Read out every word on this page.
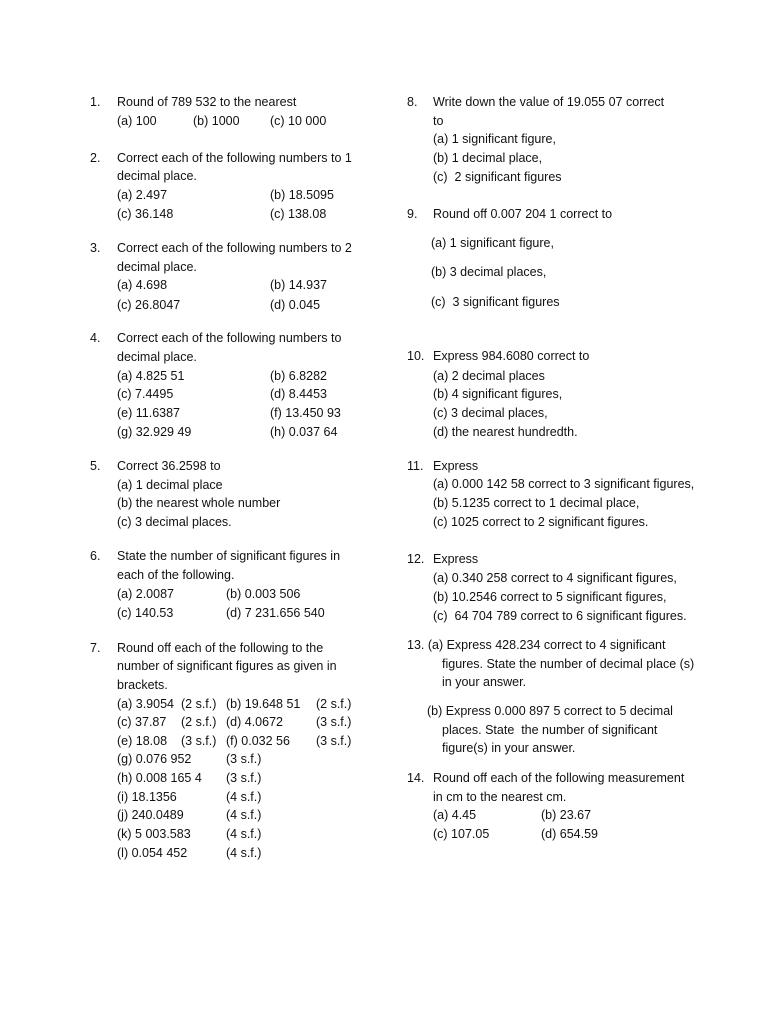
1. Round of 789 532 to the nearest
(a) 100	(b) 1000 (c) 10 000
2. Correct each of the following numbers to 1
decimal place.
(a) 2.497	(b) 18.5095
(c) 36.148	(c) 138.08
3. Correct each of the following numbers to 2
decimal place.
(a) 4.698	(b) 14.937
(c) 26.8047	(d) 0.045
4. Correct each of the following numbers to
decimal place.
(a) 4.825 51	(b) 6.8282
(c) 7.4495	(d) 8.4453
(e) 11.6387	(f) 13.450 93
(g) 32.929 49	(h) 0.037 64
5. Correct 36.2598 to
(a) 1 decimal place
(b) the nearest whole number
(c) 3 decimal places.
6. State the number of significant figures in
each of the following.
(a) 2.0087	(b) 0.003 506
(c) 140.53	(d) 7 231.656 540
7. Round off each of the following to the
number of significant figures as given in
brackets.
(a) 3.9054 (2 s.f.) (b) 19.648 51 (2 s.f.)
(c) 37.87 (2 s.f.) (d) 4.0672	(3 s.f.)
(e) 18.08 (3 s.f.) (f) 0.032 56 (3 s.f.)
(g) 0.076 952	(3 s.f.)
(h) 0.008 165 4 (3 s.f.)
(i) 18.1356	(4 s.f.)
(j) 240.0489	(4 s.f.)
(k) 5 003.583	(4 s.f.)
(l) 0.054 452	(4 s.f.)
8. Write down the value of 19.055 07 correct
to
(a) 1 significant figure,
(b) 1 decimal place,
(c)  2 significant figures
9. Round off 0.007 204 1 correct to
(a) 1 significant figure,
(b) 3 decimal places,
(c)  3 significant figures
10. Express 984.6080 correct to
(a) 2 decimal places
(b) 4 significant figures,
(c) 3 decimal places,
(d) the nearest hundredth.
11. Express
(a) 0.000 142 58 correct to 3 significant figures,
(b) 5.1235 correct to 1 decimal place,
(c) 1025 correct to 2 significant figures.
12. Express
(a) 0.340 258 correct to 4 significant figures,
(b) 10.2546 correct to 5 significant figures,
(c)  64 704 789 correct to 6 significant figures.
13. (a) Express 428.234 correct to 4 significant
figures. State the number of decimal place (s)
in your answer.
(b) Express 0.000 897 5 correct to 5 decimal
places. State  the number of significant
figure(s) in your answer.
14. Round off each of the following measurement
in cm to the nearest cm.
(a) 4.45	(b) 23.67
(c) 107.05	(d) 654.59
